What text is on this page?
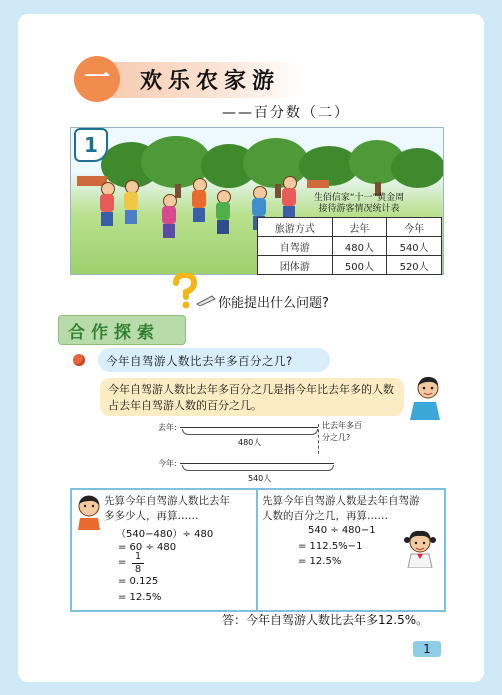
一	欢乐农家游
——百分数（二）
1
生佰信家“十一”黄金周
接待游客情况统计表
旅游方式	去年	今年
自驾游	480人	540人
团体游	500人	520人
你能提出什么问题?
合作探索
今年自驾游人数比去年多百分之几?
今年自驾游人数比去年多百分之几是指今年比去年多的人数占去年自驾游人数的百分之几。
去年:
480人
比去年多百
分之几?
今年:
540人
先算今年自驾游人数比去年
多多少人，再算……
（540−480）÷ 480
= 60 ÷ 480
= $\frac{1}{8}$
= 0.125
= 12.5%
先算今年自驾游人数是去年自驾游
人数的百分之几，再算……
540 ÷ 480−1
= 112.5%−1
= 12.5%
答：今年自驾游人数比去年多12.5%。
1
